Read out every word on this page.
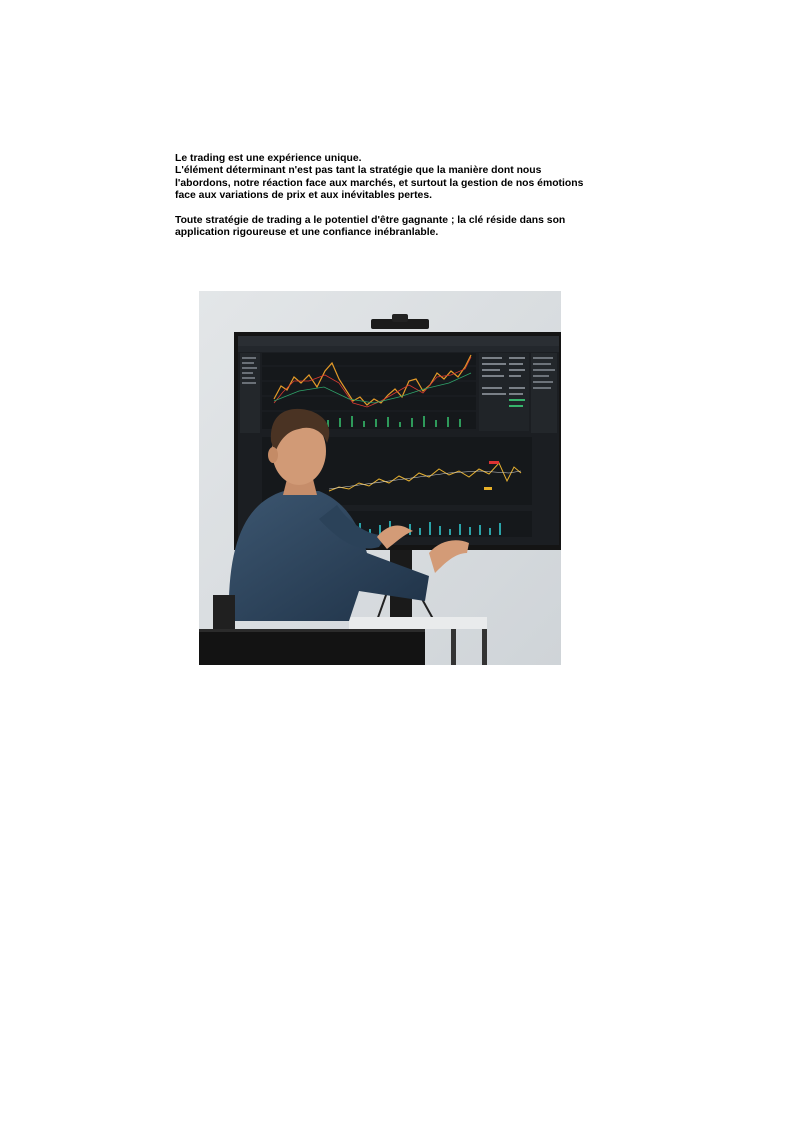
Le trading est une expérience unique.
L'élément déterminant n'est pas tant la stratégie que la manière dont nous
l'abordons, notre réaction face aux marchés, et surtout la gestion de nos émotions
face aux variations de prix et aux inévitables pertes.

Toute stratégie de trading a le potentiel d'être gagnante ; la clé réside dans son
application rigoureuse et une confiance inébranlable.
